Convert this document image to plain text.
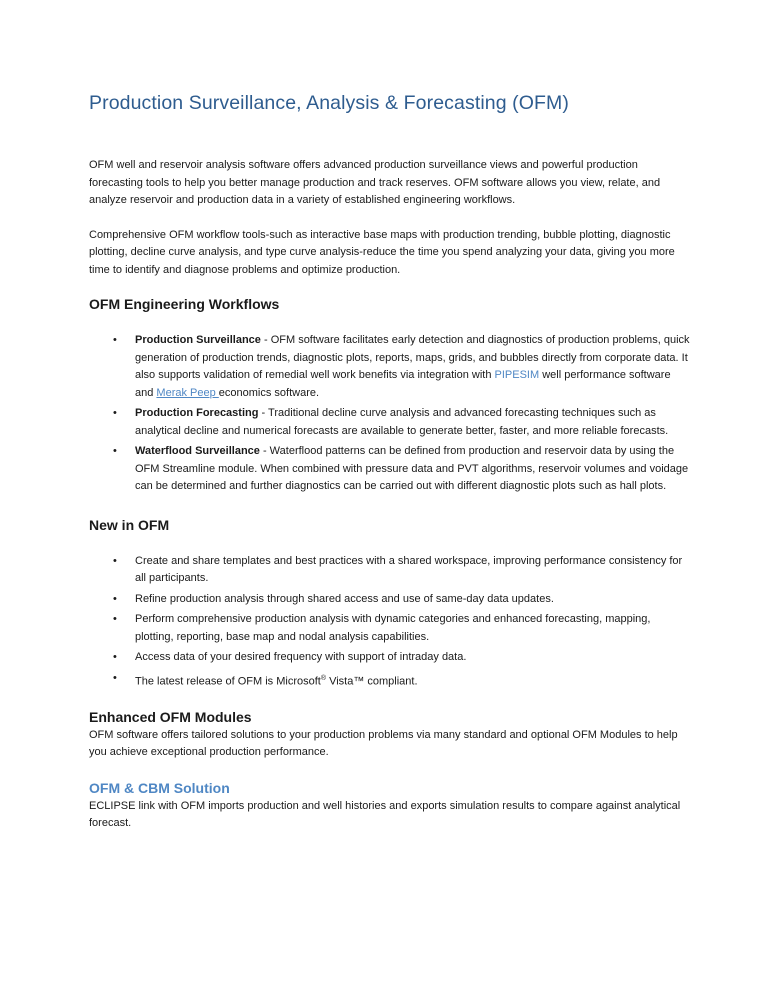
Production Surveillance, Analysis & Forecasting (OFM)

OFM well and reservoir analysis software offers advanced production surveillance views and powerful production forecasting tools to help you better manage production and track reserves. OFM software allows you view, relate, and analyze reservoir and production data in a variety of established engineering workflows.

Comprehensive OFM workflow tools-such as interactive base maps with production trending, bubble plotting, diagnostic plotting, decline curve analysis, and type curve analysis-reduce the time you spend analyzing your data, giving you more time to identify and diagnose problems and optimize production.

OFM Engineering Workflows
• Production Surveillance - OFM software facilitates early detection and diagnostics of production problems, quick generation of production trends, diagnostic plots, reports, maps, grids, and bubbles directly from corporate data. It also supports validation of remedial well work benefits via integration with PIPESIM well performance software and Merak Peep economics software.
• Production Forecasting - Traditional decline curve analysis and advanced forecasting techniques such as analytical decline and numerical forecasts are available to generate better, faster, and more reliable forecasts.
• Waterflood Surveillance - Waterflood patterns can be defined from production and reservoir data by using the OFM Streamline module. When combined with pressure data and PVT algorithms, reservoir volumes and voidage can be determined and further diagnostics can be carried out with different diagnostic plots such as hall plots.
New in OFM
• Create and share templates and best practices with a shared workspace, improving performance consistency for all participants.
• Refine production analysis through shared access and use of same-day data updates.
• Perform comprehensive production analysis with dynamic categories and enhanced forecasting, mapping, plotting, reporting, base map and nodal analysis capabilities.
• Access data of your desired frequency with support of intraday data.
• The latest release of OFM is Microsoft® Vista™ compliant.
Enhanced OFM Modules

OFM software offers tailored solutions to your production problems via many standard and optional OFM Modules to help you achieve exceptional production performance.

OFM & CBM Solution

ECLIPSE link with OFM imports production and well histories and exports simulation results to compare against analytical forecast.
